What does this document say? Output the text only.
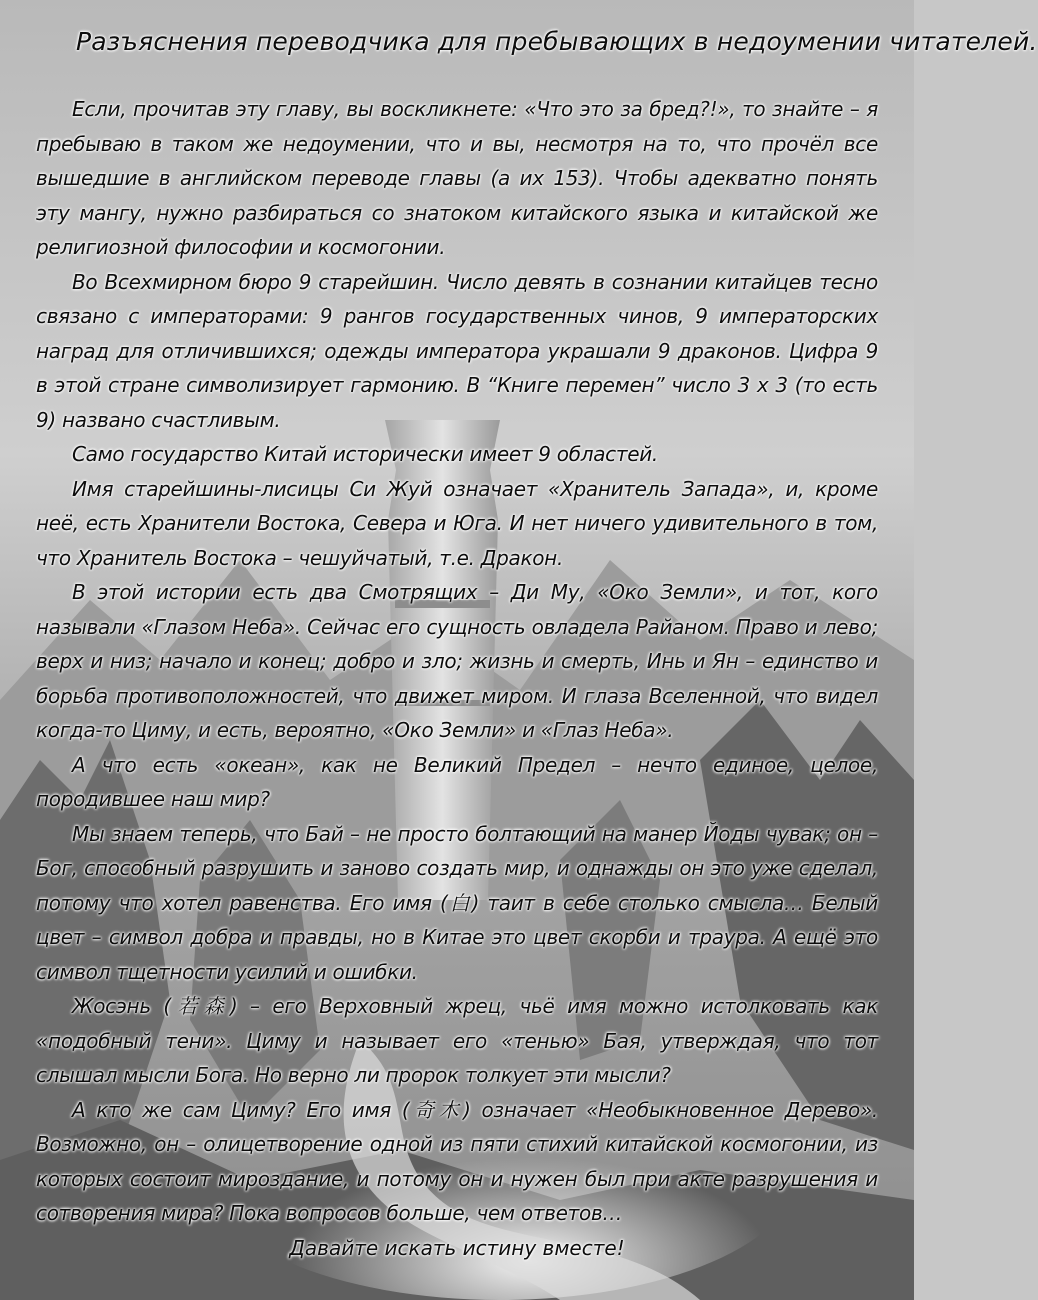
Разъяснения переводчика для пребывающих в недоумении читателей.

Если, прочитав эту главу, вы воскликнете: «Что это за бред?!», то знайте – я пребываю в таком же недоумении, что и вы, несмотря на то, что прочёл все вышедшие в английском переводе главы (а их 153). Чтобы адекватно понять эту мангу, нужно разбираться со знатоком китайского языка и китайской же религиозной философии и космогонии.

Во Всехмирном бюро 9 старейшин. Число девять в сознании китайцев тесно связано с императорами: 9 рангов государственных чинов, 9 императорских наград для отличившихся; одежды императора украшали 9 драконов. Цифра 9 в этой стране символизирует гармонию. В “Книге перемен” число 3 x 3 (то есть 9) названо счастливым.

Само государство Китай исторически имеет 9 областей.

Имя старейшины-лисицы Си Жуй означает «Хранитель Запада», и, кроме неё, есть Хранители Востока, Севера и Юга. И нет ничего удивительного в том, что Хранитель Востока – чешуйчатый, т.е. Дракон.

В этой истории есть два Смотрящих – Ди Му, «Око Земли», и тот, кого называли «Глазом Неба». Сейчас его сущность овладела Райаном. Право и лево; верх и низ; начало и конец; добро и зло; жизнь и смерть, Инь и Ян – единство и борьба противоположностей, что движет миром. И глаза Вселенной, что видел когда-то Циму, и есть, вероятно, «Око Земли» и «Глаз Неба».

А что есть «океан», как не Великий Предел – нечто единое, целое, породившее наш мир?

Мы знаем теперь, что Бай – не просто болтающий на манер Йоды чувак; он – Бог, способный разрушить и заново создать мир, и однажды он это уже сделал, потому что хотел равенства. Его имя (白) таит в себе столько смысла… Белый цвет – символ добра и правды, но в Китае это цвет скорби и траура. А ещё это символ тщетности усилий и ошибки.

Жосэнь (若森) – его Верховный жрец, чьё имя можно истолковать как «подобный тени». Циму и называет его «тенью» Бая, утверждая, что тот слышал мысли Бога. Но верно ли пророк толкует эти мысли?

А кто же сам Циму? Его имя (奇木) означает «Необыкновенное Дерево». Возможно, он – олицетворение одной из пяти стихий китайской космогонии, из которых состоит мироздание, и потому он и нужен был при акте разрушения и сотворения мира? Пока вопросов больше, чем ответов…

Давайте искать истину вместе!
